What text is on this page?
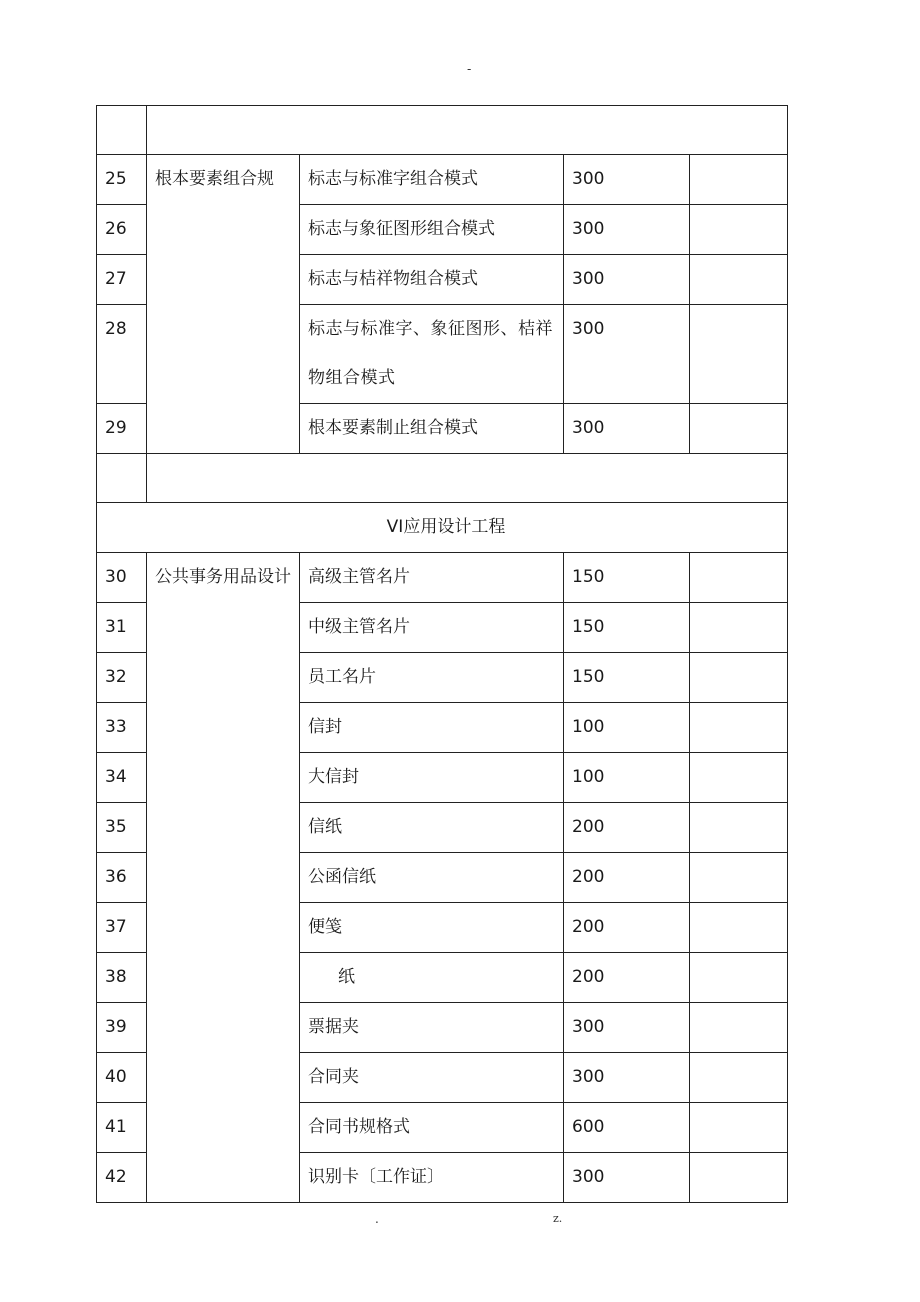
-

25	根本要素组合规	标志与标准字组合模式	300	
26		标志与象征图形组合模式	300	
27		标志与桔祥物组合模式	300	
28		标志与标准字、象征图形、桔祥物组合模式	300	

29		根本要素制止组合模式	300	

VI应用设计工程				
30	公共事务用品设计	高级主管名片	150	
31		中级主管名片	150	
32		员工名片	150	
33		信封	100	
34		大信封	100	
35		信纸	200	
36		公函信纸	200	
37		便笺	200	
38		纸	200	
39		票据夹	300	
40		合同夹	300	
41		合同书规格式	600	
42		识别卡〔工作证〕	300	
.	z.
